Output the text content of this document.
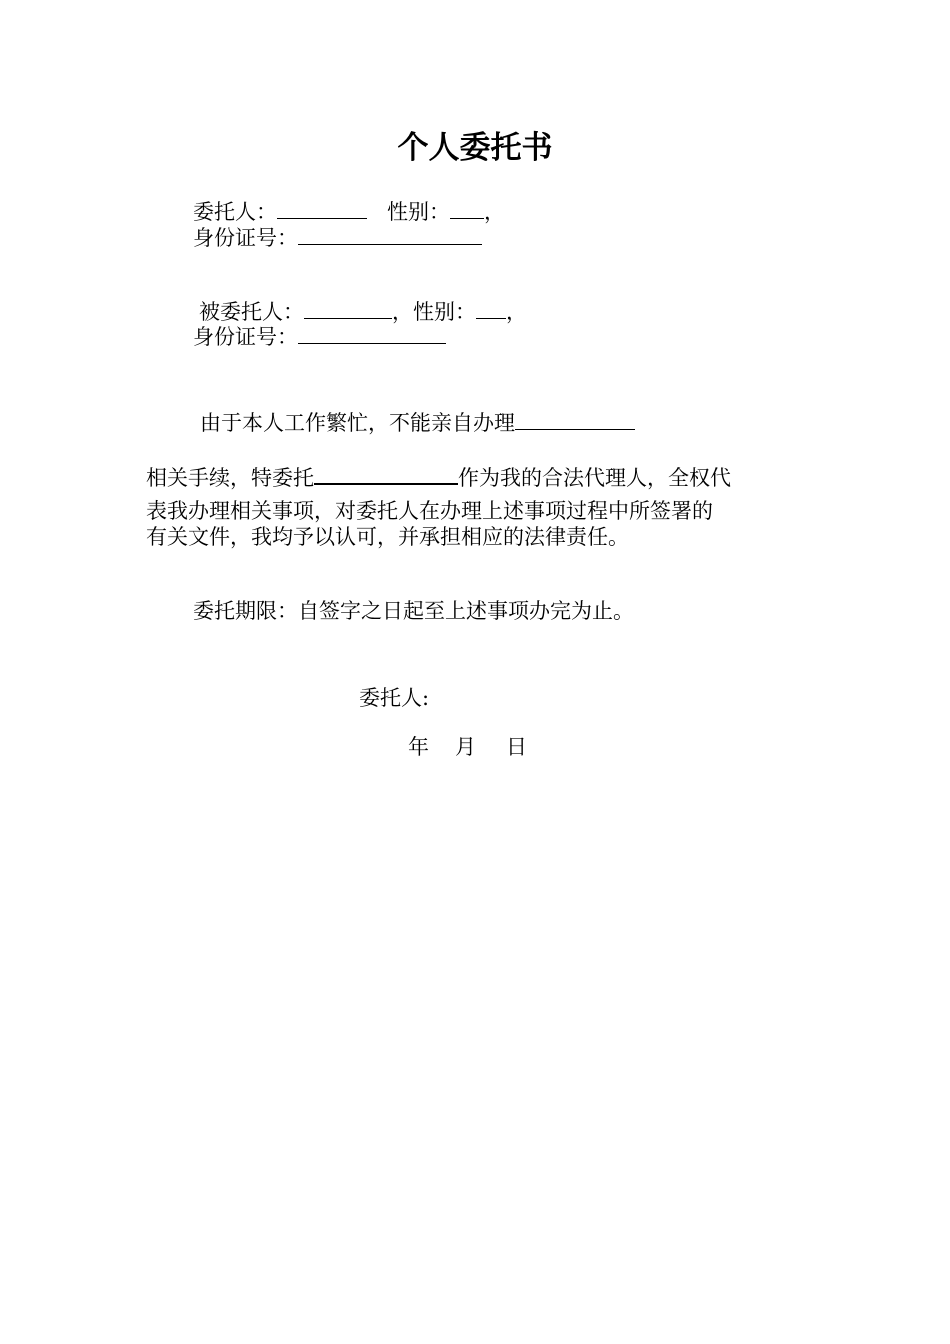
个人委托书
委托人：	性别： ，
身份证号：
被委托人：	，性别： ，
身份证号：
由于本人工作繁忙，不能亲自办理
相关手续，特委托	作为我的合法代理人，全权代
表我办理相关事项，对委托人在办理上述事项过程中所签署的
有关文件，我均予以认可，并承担相应的法律责任。
委托期限：自签字之日起至上述事项办完为止。
委托人:
年 月 日
